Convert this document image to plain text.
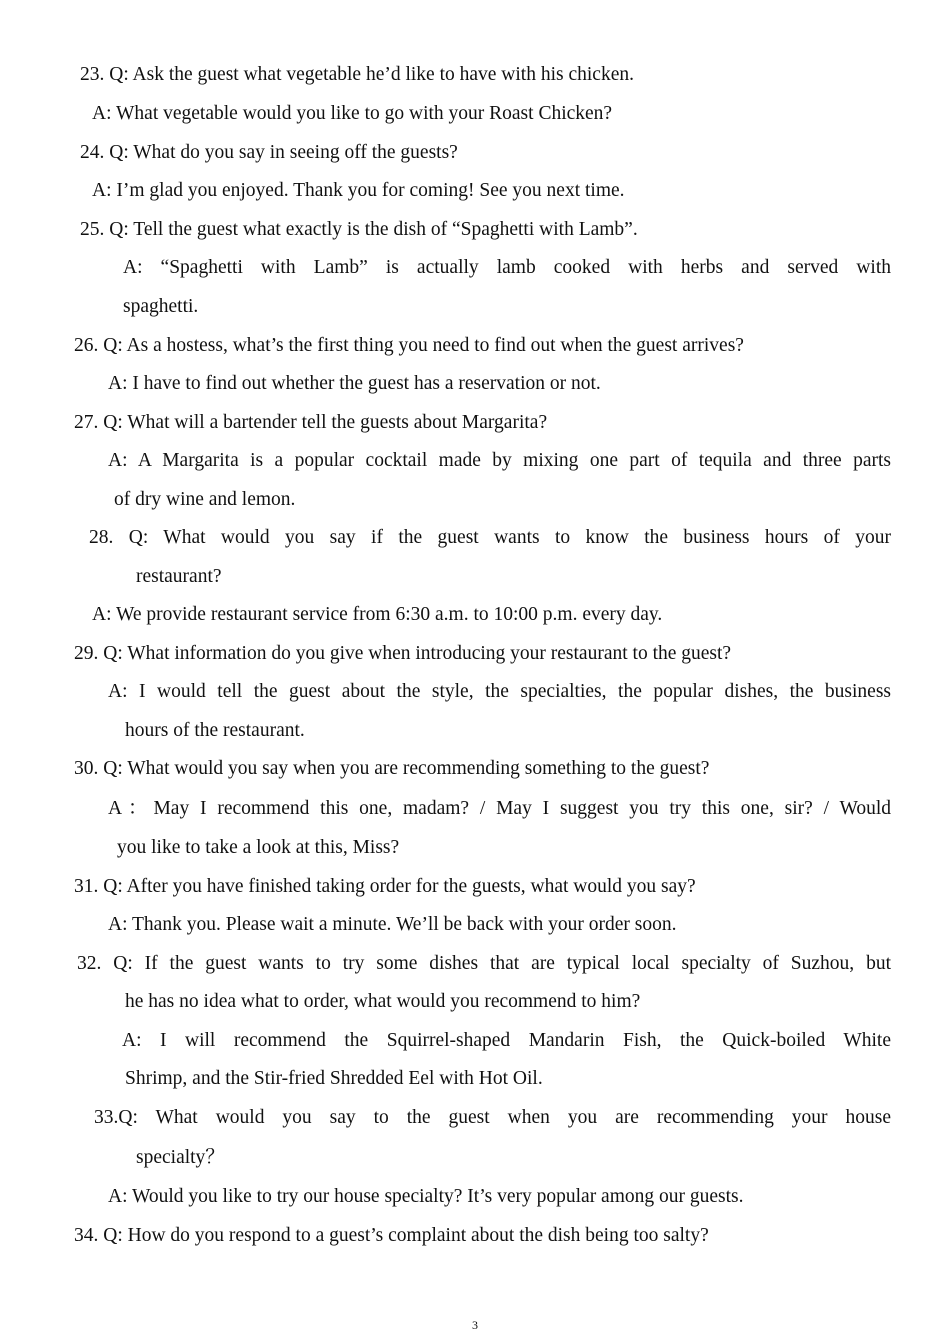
23. Q: Ask the guest what vegetable he’d like to have with his chicken.
A: What vegetable would you like to go with your Roast Chicken?
24. Q: What do you say in seeing off the guests?
A: I’m glad you enjoyed. Thank you for coming! See you next time.
25. Q: Tell the guest what exactly is the dish of “Spaghetti with Lamb”.
A: “Spaghetti with Lamb” is actually lamb cooked with herbs and served with
spaghetti.
26. Q: As a hostess, what’s the first thing you need to find out when the guest arrives?
A: I have to find out whether the guest has a reservation or not.
27. Q: What will a bartender tell the guests about Margarita?
A: A Margarita is a popular cocktail made by mixing one part of tequila and three parts
of dry wine and lemon.
28. Q: What would you say if the guest wants to know the business hours of your
restaurant?
A: We provide restaurant service from 6:30 a.m. to 10:00 p.m. every day.
29. Q: What information do you give when introducing your restaurant to the guest?
A: I would tell the guest about the style, the specialties, the popular dishes, the business
hours of the restaurant.
30. Q: What would you say when you are recommending something to the guest?
A：May I recommend this one, madam? / May I suggest you try this one, sir? / Would
you like to take a look at this, Miss?
31. Q: After you have finished taking order for the guests, what would you say?
A: Thank you. Please wait a minute. We’ll be back with your order soon.
32. Q: If the guest wants to try some dishes that are typical local specialty of Suzhou, but
he has no idea what to order, what would you recommend to him?
A: I will recommend the Squirrel-shaped Mandarin Fish, the Quick-boiled White
Shrimp, and the Stir-fried Shredded Eel with Hot Oil.
33.Q: What would you say to the guest when you are recommending your house
specialty？
A: Would you like to try our house specialty? It’s very popular among our guests.
34. Q: How do you respond to a guest’s complaint about the dish being too salty?
3
